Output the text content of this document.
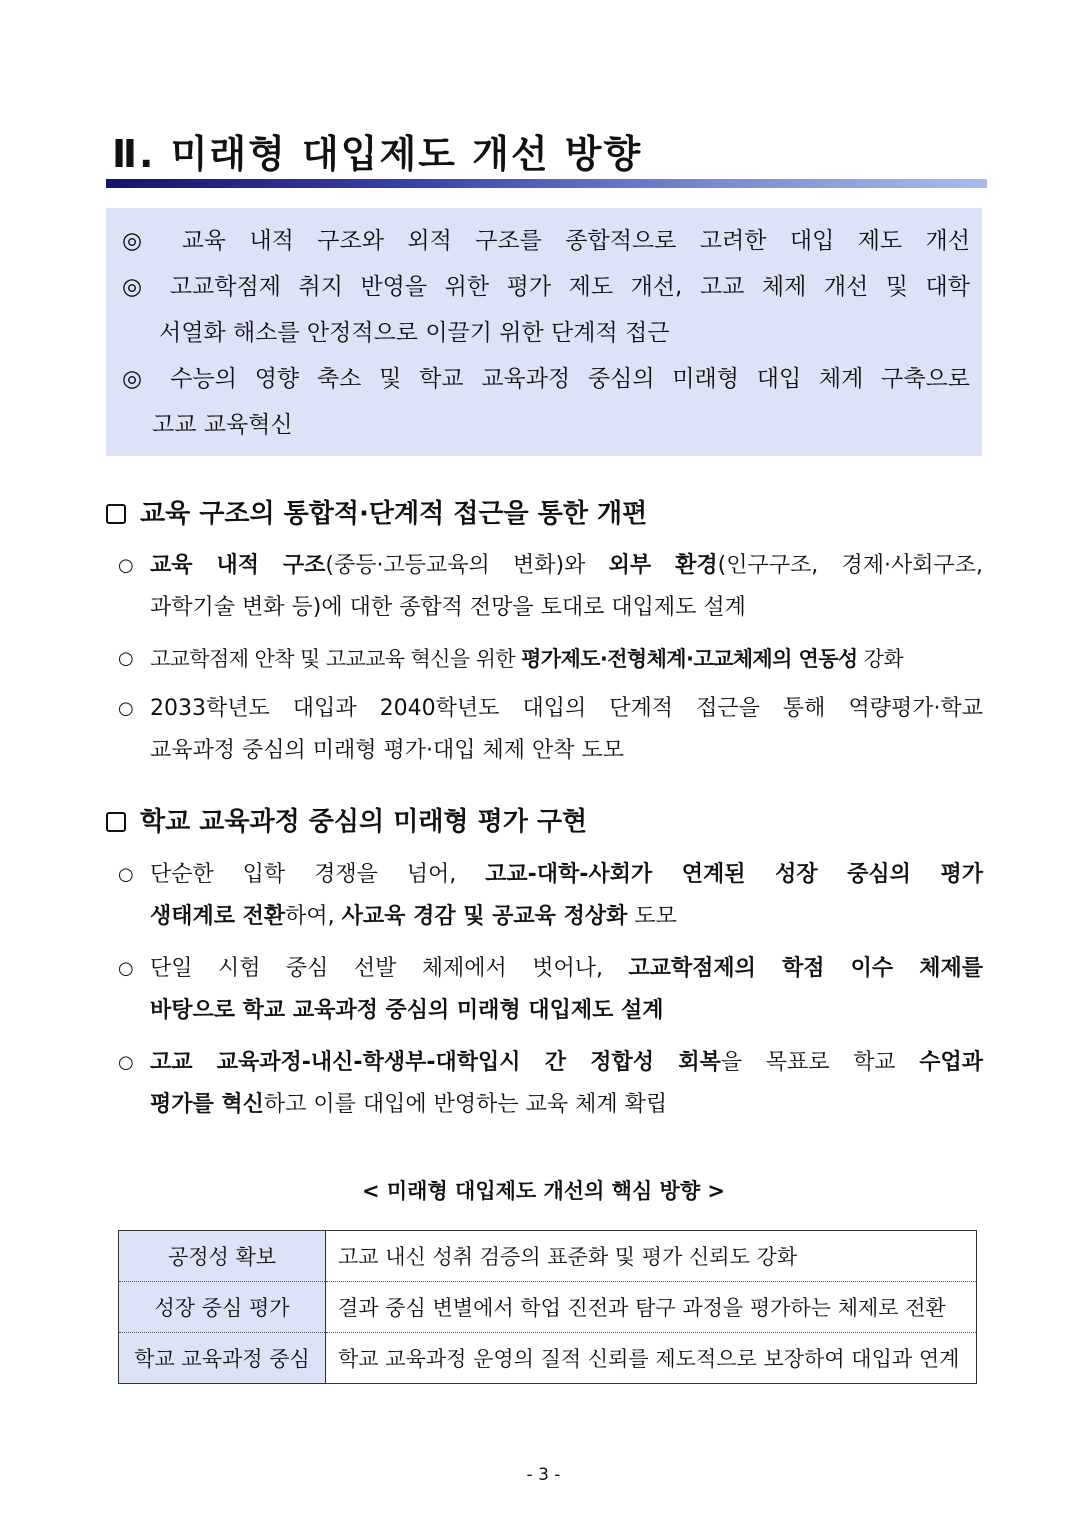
Ⅱ. 미래형 대입제도 개선 방향
◎ 교육 내적 구조와 외적 구조를 종합적으로 고려한 대입 제도 개선
◎ 고교학점제 취지 반영을 위한 평가 제도 개선, 고교 체제 개선 및 대학
서열화 해소를 안정적으로 이끌기 위한 단계적 접근
◎ 수능의 영향 축소 및 학교 교육과정 중심의 미래형 대입 체계 구축으로
고교 교육혁신
교육 구조의 통합적·단계적 접근을 통한 개편
○ 교육 내적 구조(중등·고등교육의 변화)와 외부 환경(인구구조, 경제·사회구조,
과학기술 변화 등)에 대한 종합적 전망을 토대로 대입제도 설계
○ 고교학점제 안착 및 고교교육 혁신을 위한 평가제도·전형체계·고교체제의 연동성 강화
○ 2033학년도 대입과 2040학년도 대입의 단계적 접근을 통해 역량평가·학교
교육과정 중심의 미래형 평가·대입 체제 안착 도모
학교 교육과정 중심의 미래형 평가 구현
○ 단순한 입학 경쟁을 넘어, 고교-대학-사회가 연계된 성장 중심의 평가
생태계로 전환하여, 사교육 경감 및 공교육 정상화 도모
○ 단일 시험 중심 선발 체제에서 벗어나, 고교학점제의 학점 이수 체제를
바탕으로 학교 교육과정 중심의 미래형 대입제도 설계
○ 고교 교육과정-내신-학생부-대학입시 간 정합성 회복을 목표로 학교 수업과
평가를 혁신하고 이를 대입에 반영하는 교육 체계 확립

< 미래형 대입제도 개선의 핵심 방향 >

공정성 확보	고교 내신 성취 검증의 표준화 및 평가 신뢰도 강화
성장 중심 평가	결과 중심 변별에서 학업 진전과 탐구 과정을 평가하는 체제로 전환
학교 교육과정 중심	학교 교육과정 운영의 질적 신뢰를 제도적으로 보장하여 대입과 연계
- 3 -
